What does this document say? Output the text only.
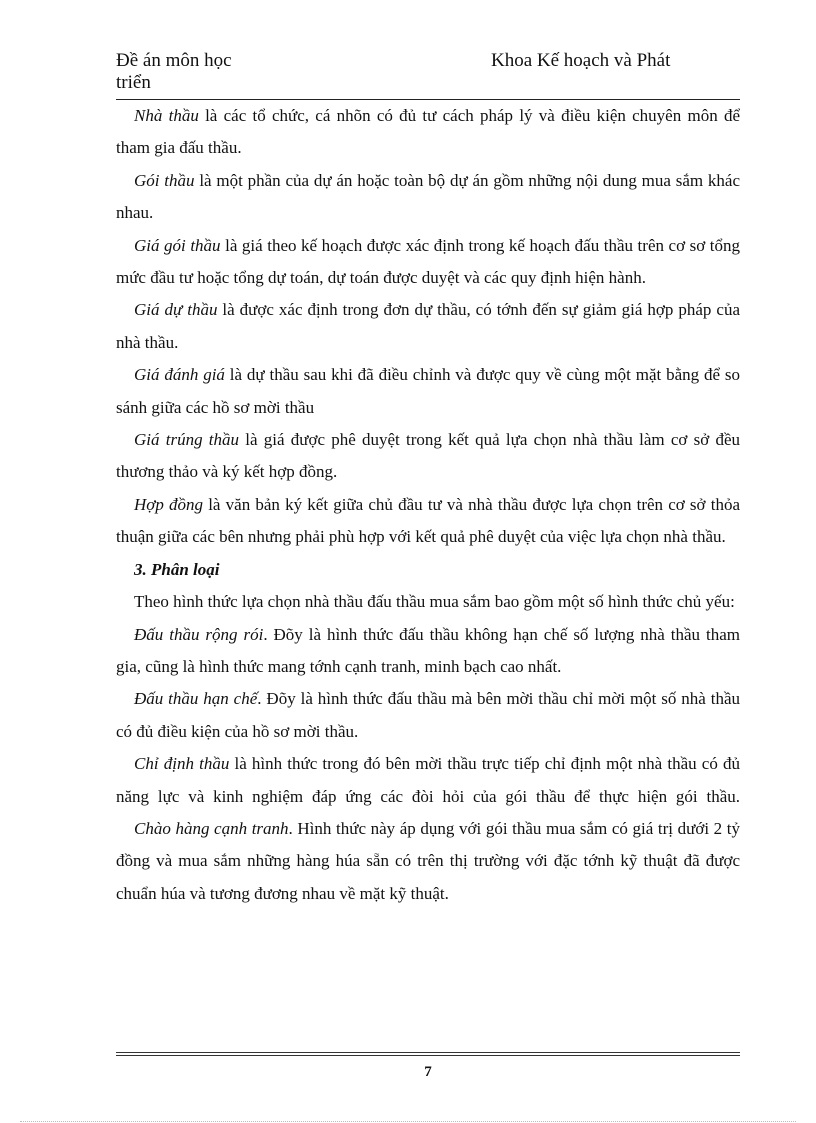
Đề án môn học
triển
Khoa Kế hoạch và Phát

Nhà thầu là các tổ chức, cá nhõn có đủ tư cách pháp lý và điều kiện chuyên môn để tham gia đấu thầu.

Gói thầu là một phần của dự án hoặc toàn bộ dự án gồm những nội dung mua sắm khác nhau.

Giá gói thầu là giá theo kế hoạch được xác định trong kế hoạch đấu thầu trên cơ sơ tổng mức đầu tư hoặc tổng dự toán, dự toán được duyệt và các quy định hiện hành.

Giá dự thầu là được xác định trong đơn dự thầu, có tớnh đến sự giảm giá hợp pháp của nhà thầu.

Giá đánh giá là dự thầu sau khi đã điều chỉnh và được quy về cùng một mặt bằng để so sánh giữa các hồ sơ mời thầu

Giá trúng thầu là giá được phê duyệt trong kết quả lựa chọn nhà thầu làm cơ sở đều thương thảo và ký kết hợp đồng.

Hợp đồng là văn bản ký kết giữa chủ đầu tư và nhà thầu được lựa chọn trên cơ sở thỏa thuận giữa các bên nhưng phải phù hợp với kết quả phê duyệt của việc lựa chọn nhà thầu.

3. Phân loại

Theo hình thức lựa chọn nhà thầu đấu thầu mua sắm bao gồm một số hình thức chủ yếu:

Đấu thầu rộng rói. Đõy là hình thức đấu thầu không hạn chế số lượng nhà thầu tham gia, cũng là hình thức mang tớnh cạnh tranh, minh bạch cao nhất.

Đấu thầu hạn chế. Đõy là hình thức đấu thầu mà bên mời thầu chỉ mời một số nhà thầu có đủ điều kiện của hồ sơ mời thầu.

Chỉ định thầu là hình thức trong đó bên mời thầu trực tiếp chỉ định một nhà thầu có đủ năng lực và kinh nghiệm đáp ứng các đòi hỏi của gói thầu để thực hiện gói thầu.

Chào hàng cạnh tranh. Hình thức này áp dụng với gói thầu mua sắm có giá trị dưới 2 tỷ đồng và mua sắm những hàng húa sẵn có trên thị trường với đặc tớnh kỹ thuật đã được chuẩn húa và tương đương nhau về mặt kỹ thuật.

7
